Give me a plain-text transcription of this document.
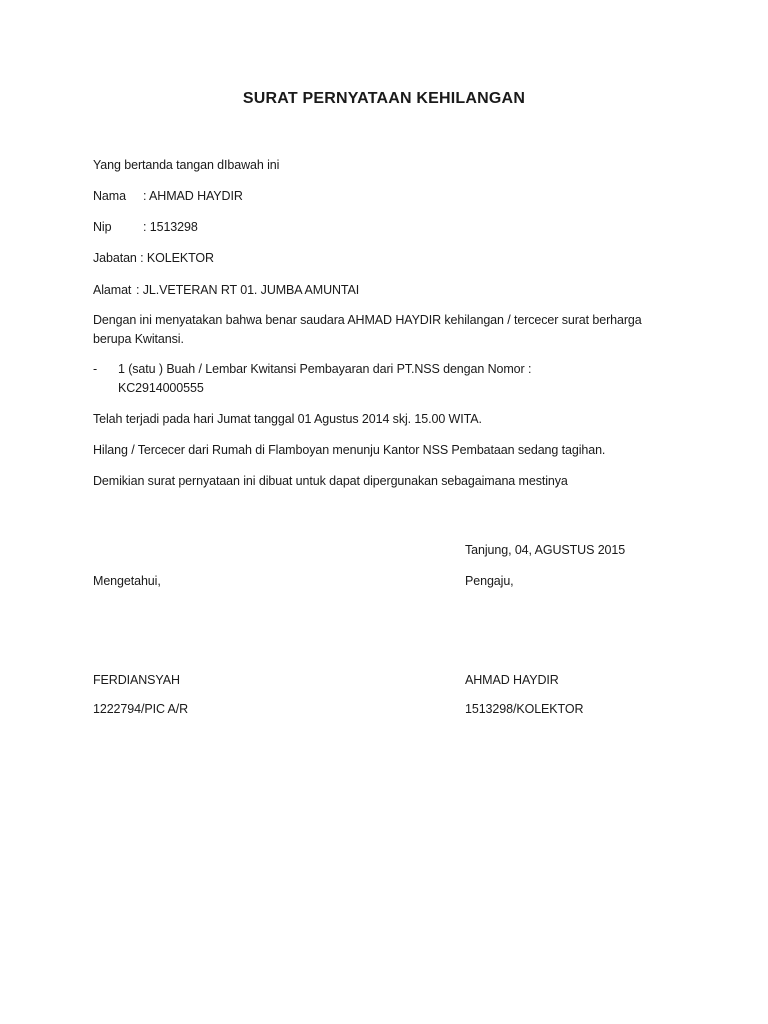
SURAT PERNYATAAN KEHILANGAN
Yang bertanda tangan dIbawah ini
Nama : AHMAD HAYDIR
Nip	: 1513298
Jabatan : KOLEKTOR
Alamat : JL.VETERAN RT 01. JUMBA AMUNTAI
Dengan ini menyatakan bahwa benar saudara AHMAD HAYDIR kehilangan / tercecer surat berharga
berupa Kwitansi.
- 1 (satu ) Buah / Lembar Kwitansi Pembayaran dari PT.NSS dengan Nomor :
KC2914000555
Telah terjadi pada hari Jumat tanggal 01 Agustus 2014 skj. 15.00 WITA.
Hilang / Tercecer dari Rumah di Flamboyan menunju Kantor NSS Pembataan sedang tagihan.
Demikian surat pernyataan ini dibuat untuk dapat dipergunakan sebagaimana mestinya
Tanjung, 04, AGUSTUS 2015
Mengetahui,	Pengaju,
FERDIANSYAH	AHMAD HAYDIR
1222794/PIC A/R	1513298/KOLEKTOR
